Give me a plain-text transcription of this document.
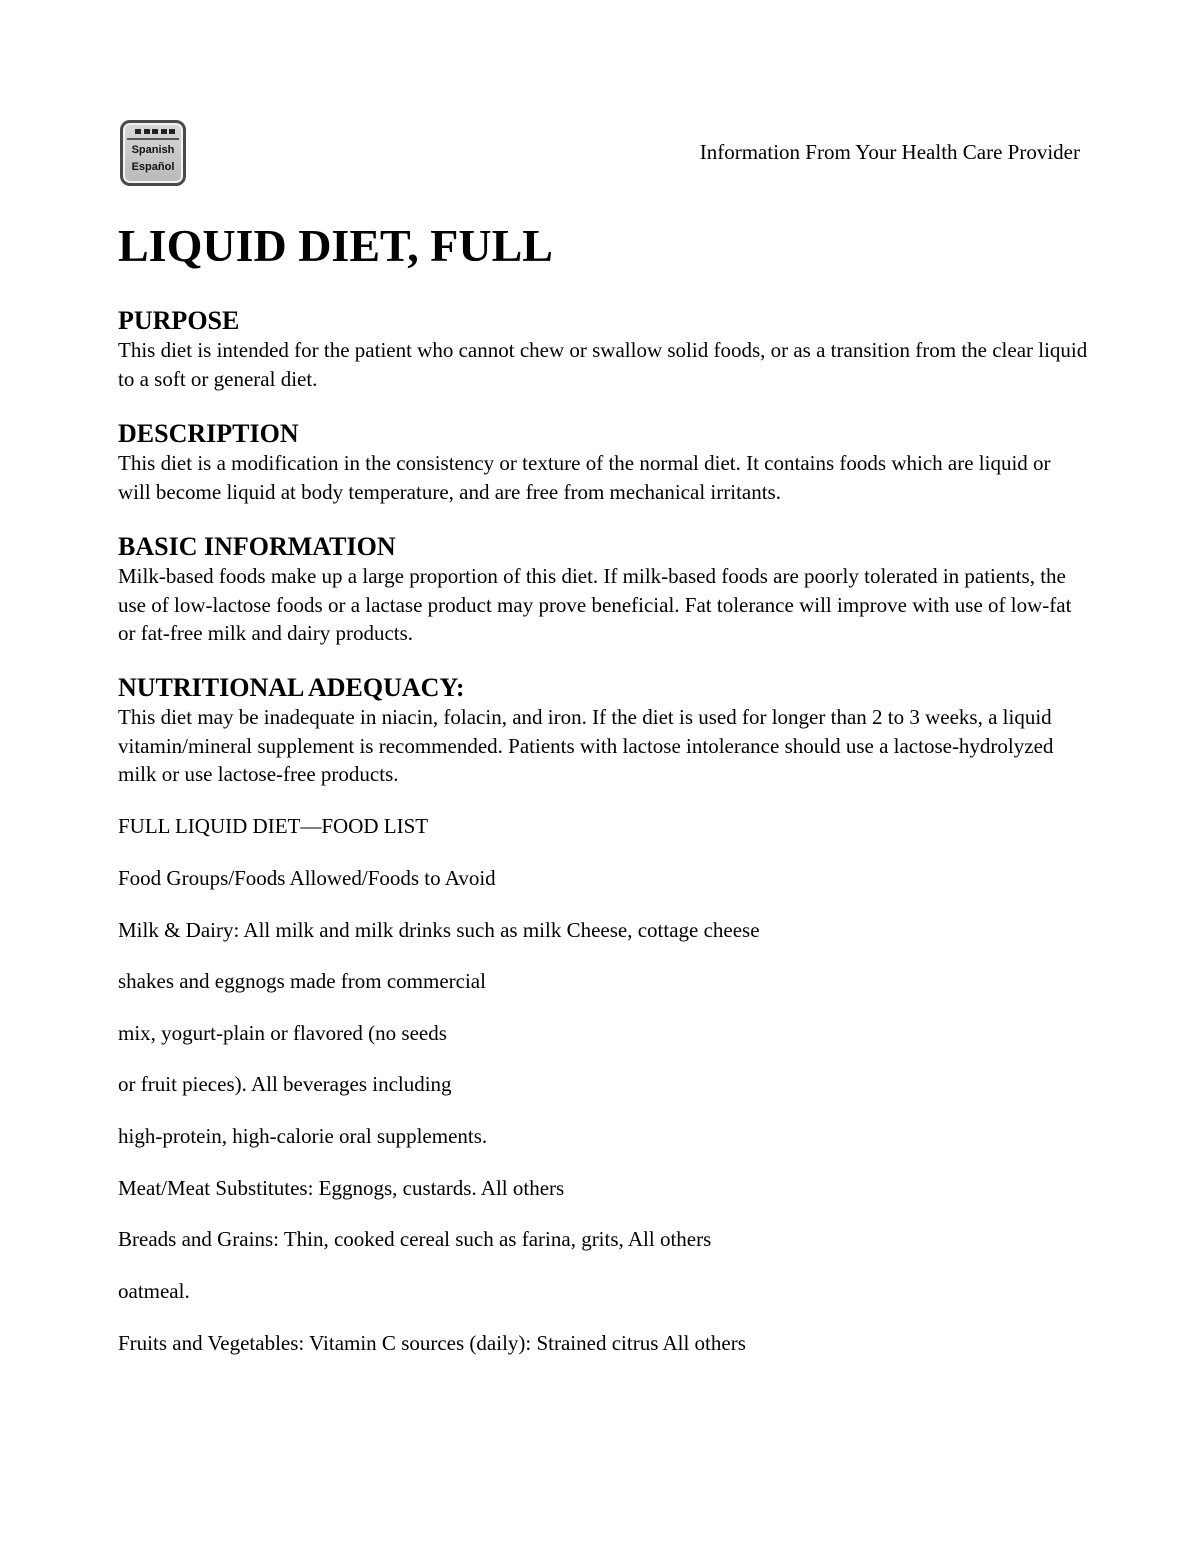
Spanish
Español
Information From Your Health Care Provider
LIQUID DIET, FULL
PURPOSE

This diet is intended for the patient who cannot chew or swallow solid foods, or as a transition from the clear liquid to a soft or general diet.

DESCRIPTION

This diet is a modification in the consistency or texture of the normal diet. It contains foods which are liquid or will become liquid at body temperature, and are free from mechanical irritants.

BASIC INFORMATION

Milk-based foods make up a large proportion of this diet. If milk-based foods are poorly tolerated in patients, the use of low-lactose foods or a lactase product may prove beneficial. Fat tolerance will improve with use of low-fat or fat-free milk and dairy products.

NUTRITIONAL ADEQUACY:

This diet may be inadequate in niacin, folacin, and iron. If the diet is used for longer than 2 to 3 weeks, a liquid vitamin/mineral supplement is recommended. Patients with lactose intolerance should use a lactose-hydrolyzed milk or use lactose-free products.

FULL LIQUID DIET—FOOD LIST
Food Groups/Foods Allowed/Foods to Avoid
Milk & Dairy: All milk and milk drinks such as milk Cheese, cottage cheese
shakes and eggnogs made from commercial
mix, yogurt-plain or flavored (no seeds
or fruit pieces). All beverages including
high-protein, high-calorie oral supplements.
Meat/Meat Substitutes: Eggnogs, custards. All others
Breads and Grains: Thin, cooked cereal such as farina, grits, All others
oatmeal.
Fruits and Vegetables: Vitamin C sources (daily): Strained citrus All others
